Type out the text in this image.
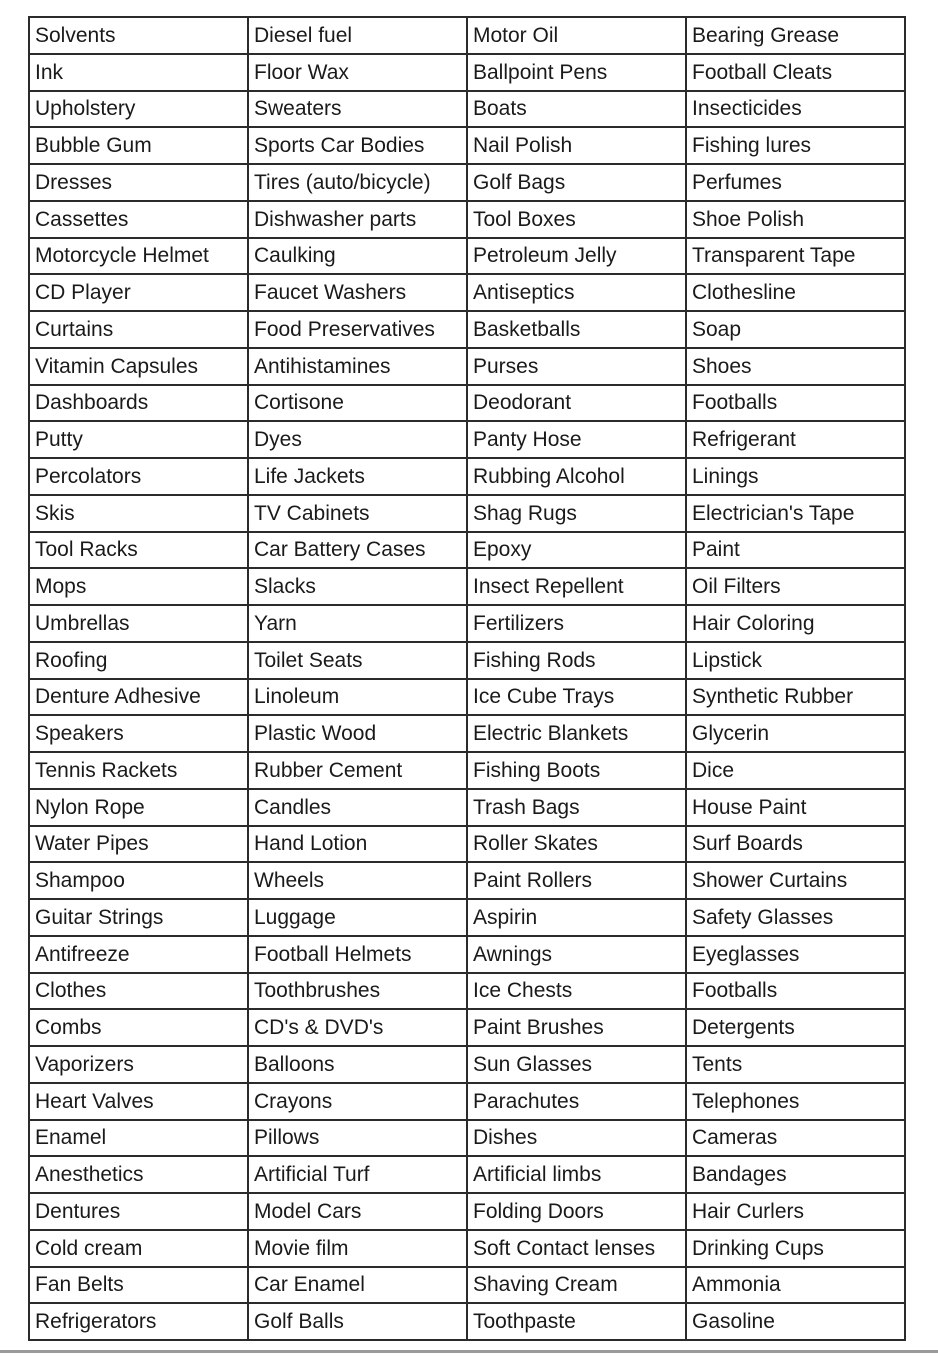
Solvents	Diesel fuel	Motor Oil	Bearing Grease
Ink	Floor Wax	Ballpoint Pens	Football Cleats
Upholstery	Sweaters	Boats	Insecticides
Bubble Gum	Sports Car Bodies	Nail Polish	Fishing lures
Dresses	Tires (auto/bicycle)	Golf Bags	Perfumes
Cassettes	Dishwasher parts	Tool Boxes	Shoe Polish
Motorcycle Helmet	Caulking	Petroleum Jelly	Transparent Tape
CD Player	Faucet Washers	Antiseptics	Clothesline
Curtains	Food Preservatives	Basketballs	Soap
Vitamin Capsules	Antihistamines	Purses	Shoes
Dashboards	Cortisone	Deodorant	Footballs
Putty	Dyes	Panty Hose	Refrigerant
Percolators	Life Jackets	Rubbing Alcohol	Linings
Skis	TV Cabinets	Shag Rugs	Electrician's Tape
Tool Racks	Car Battery Cases	Epoxy	Paint
Mops	Slacks	Insect Repellent	Oil Filters
Umbrellas	Yarn	Fertilizers	Hair Coloring
Roofing	Toilet Seats	Fishing Rods	Lipstick
Denture Adhesive	Linoleum	Ice Cube Trays	Synthetic Rubber
Speakers	Plastic Wood	Electric Blankets	Glycerin
Tennis Rackets	Rubber Cement	Fishing Boots	Dice
Nylon Rope	Candles	Trash Bags	House Paint
Water Pipes	Hand Lotion	Roller Skates	Surf Boards
Shampoo	Wheels	Paint Rollers	Shower Curtains
Guitar Strings	Luggage	Aspirin	Safety Glasses
Antifreeze	Football Helmets	Awnings	Eyeglasses
Clothes	Toothbrushes	Ice Chests	Footballs
Combs	CD's & DVD's	Paint Brushes	Detergents
Vaporizers	Balloons	Sun Glasses	Tents
Heart Valves	Crayons	Parachutes	Telephones
Enamel	Pillows	Dishes	Cameras
Anesthetics	Artificial Turf	Artificial limbs	Bandages
Dentures	Model Cars	Folding Doors	Hair Curlers
Cold cream	Movie film	Soft Contact lenses	Drinking Cups
Fan Belts	Car Enamel	Shaving Cream	Ammonia
Refrigerators	Golf Balls	Toothpaste	Gasoline
